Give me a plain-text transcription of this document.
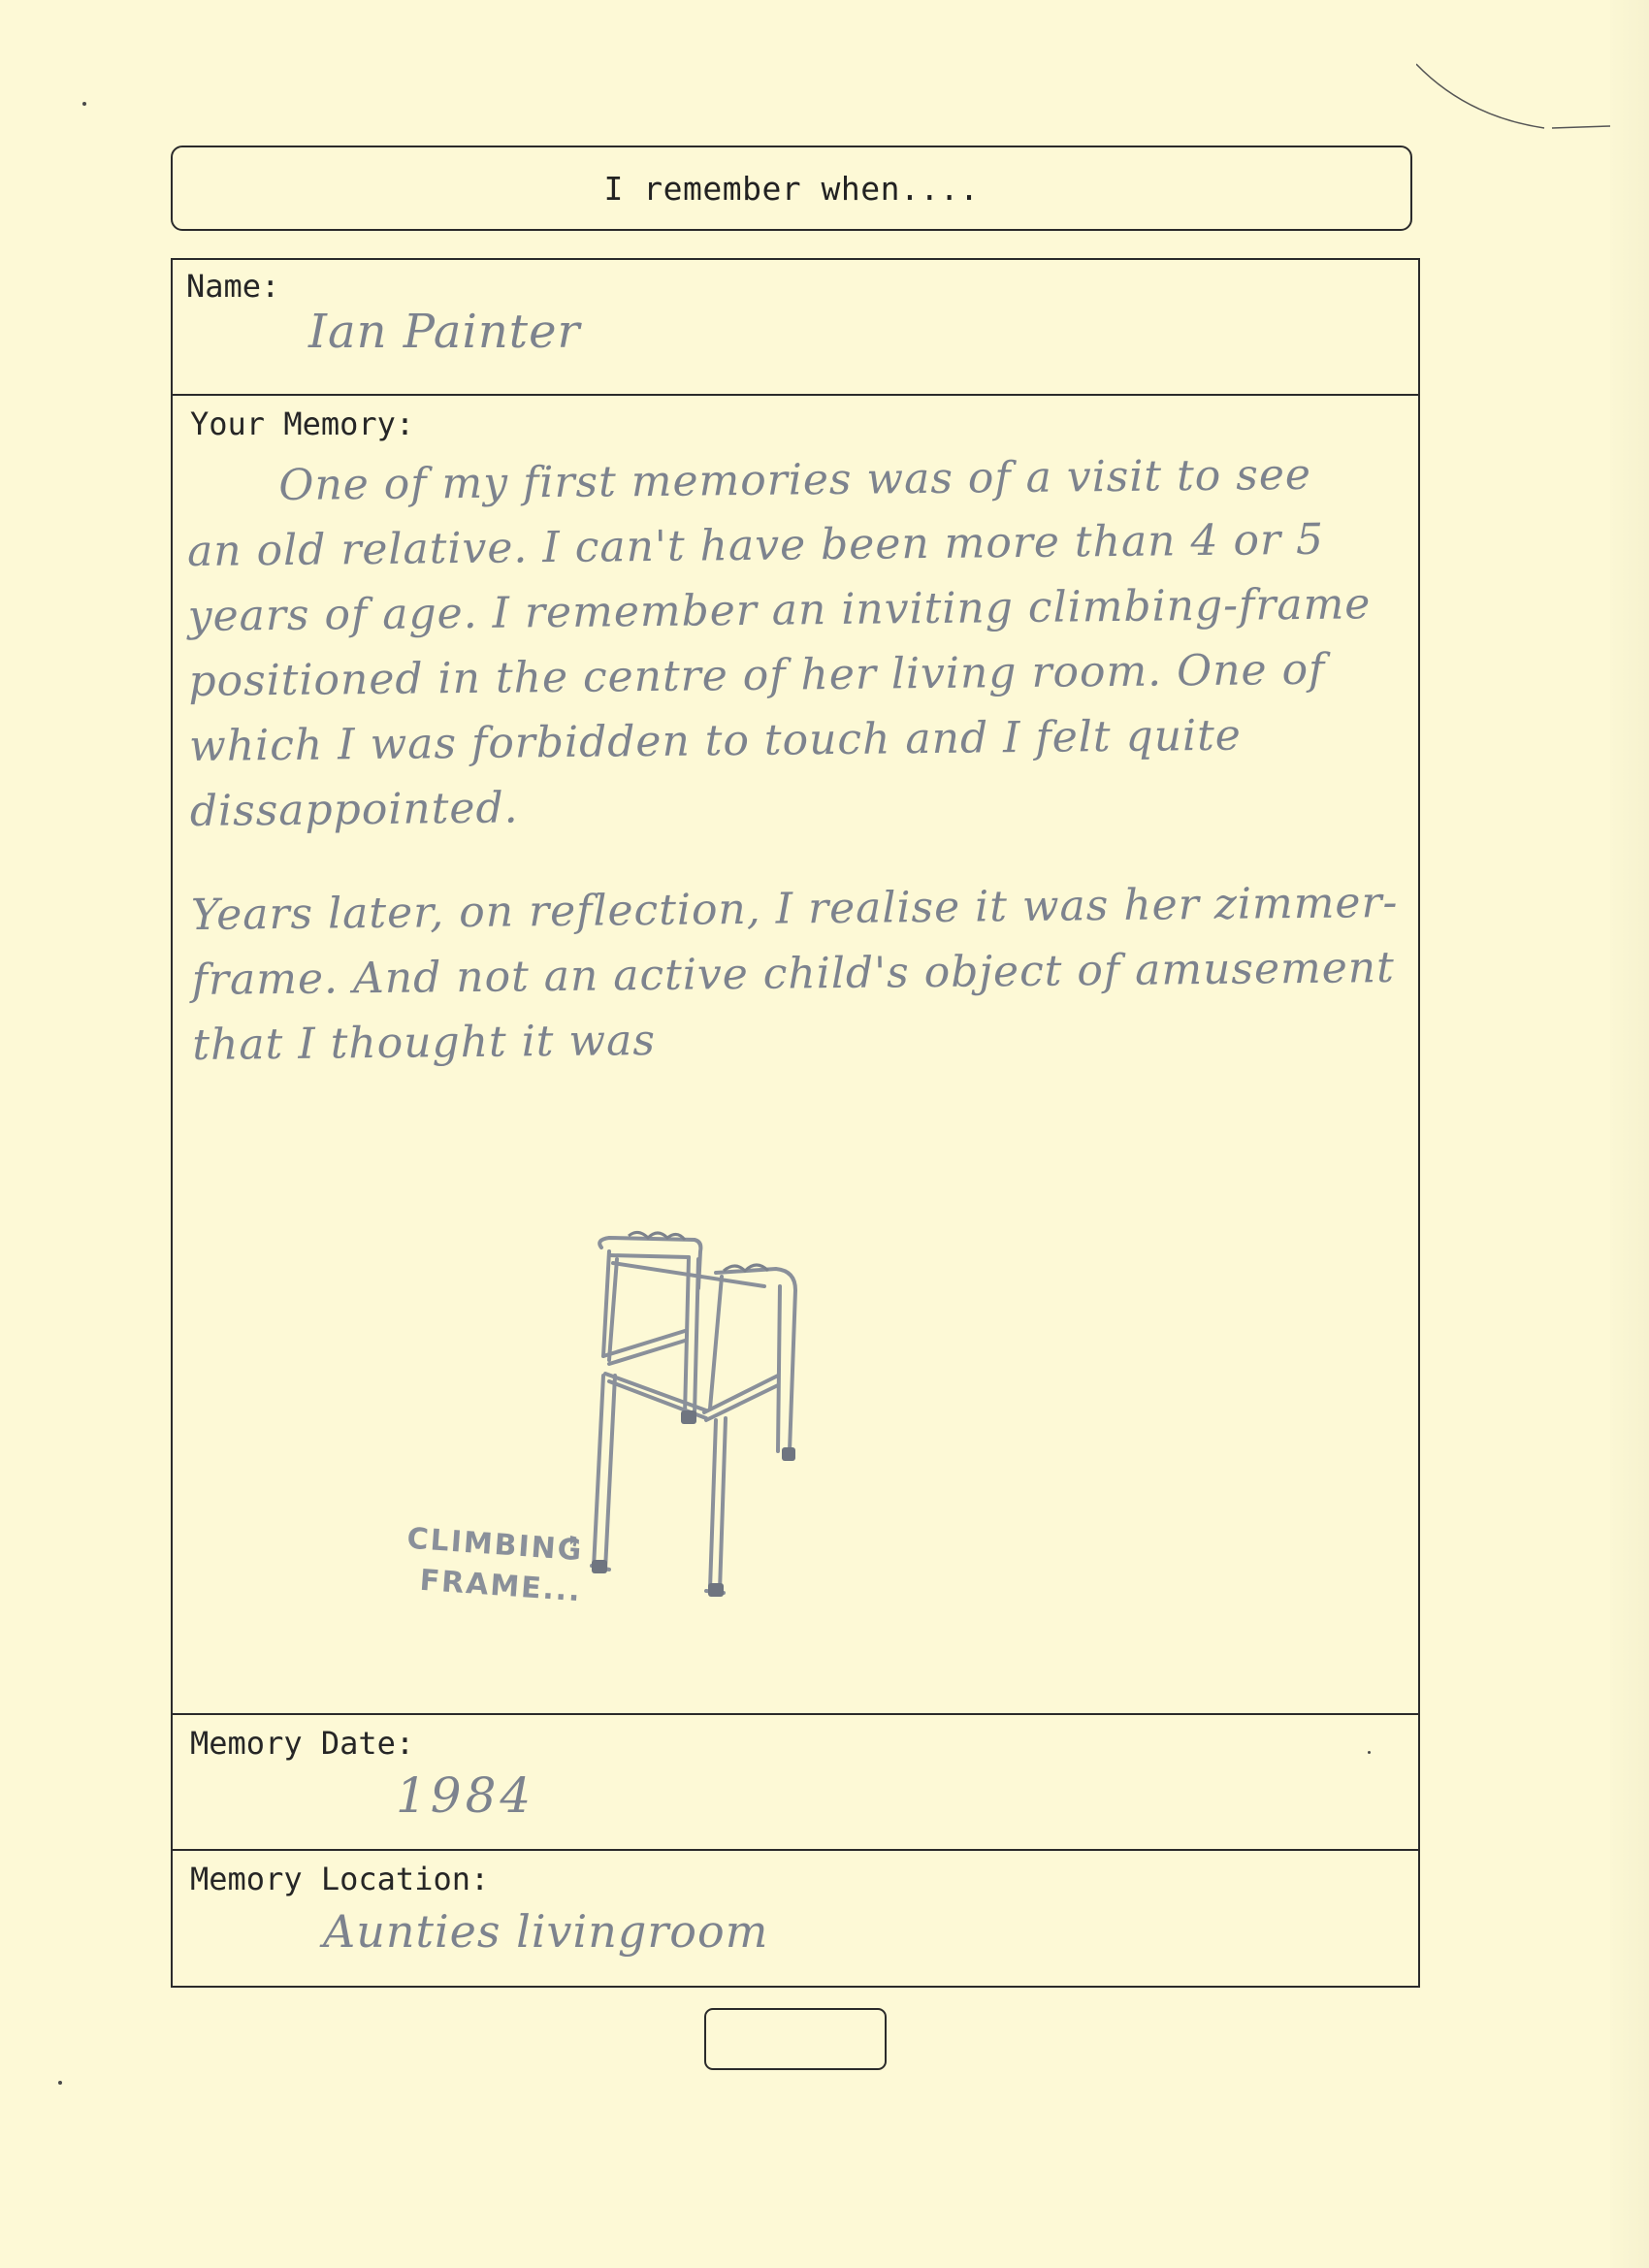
I remember when....
Name:
Ian Painter
Your Memory:

One of my first memories was of a visit to see
an old relative. I can't have been more than 4 or 5
years of age. I remember an inviting climbing-frame
positioned in the centre of her living room. One of
which I was forbidden to touch and I felt quite
dissappointed.

Years later, on reflection, I realise it was her zimmer-
frame. And not an active child's object of amusement
that I thought it was

CLIMBING
FRAME...
Memory Date:
1984
Memory Location:
Aunties livingroom
